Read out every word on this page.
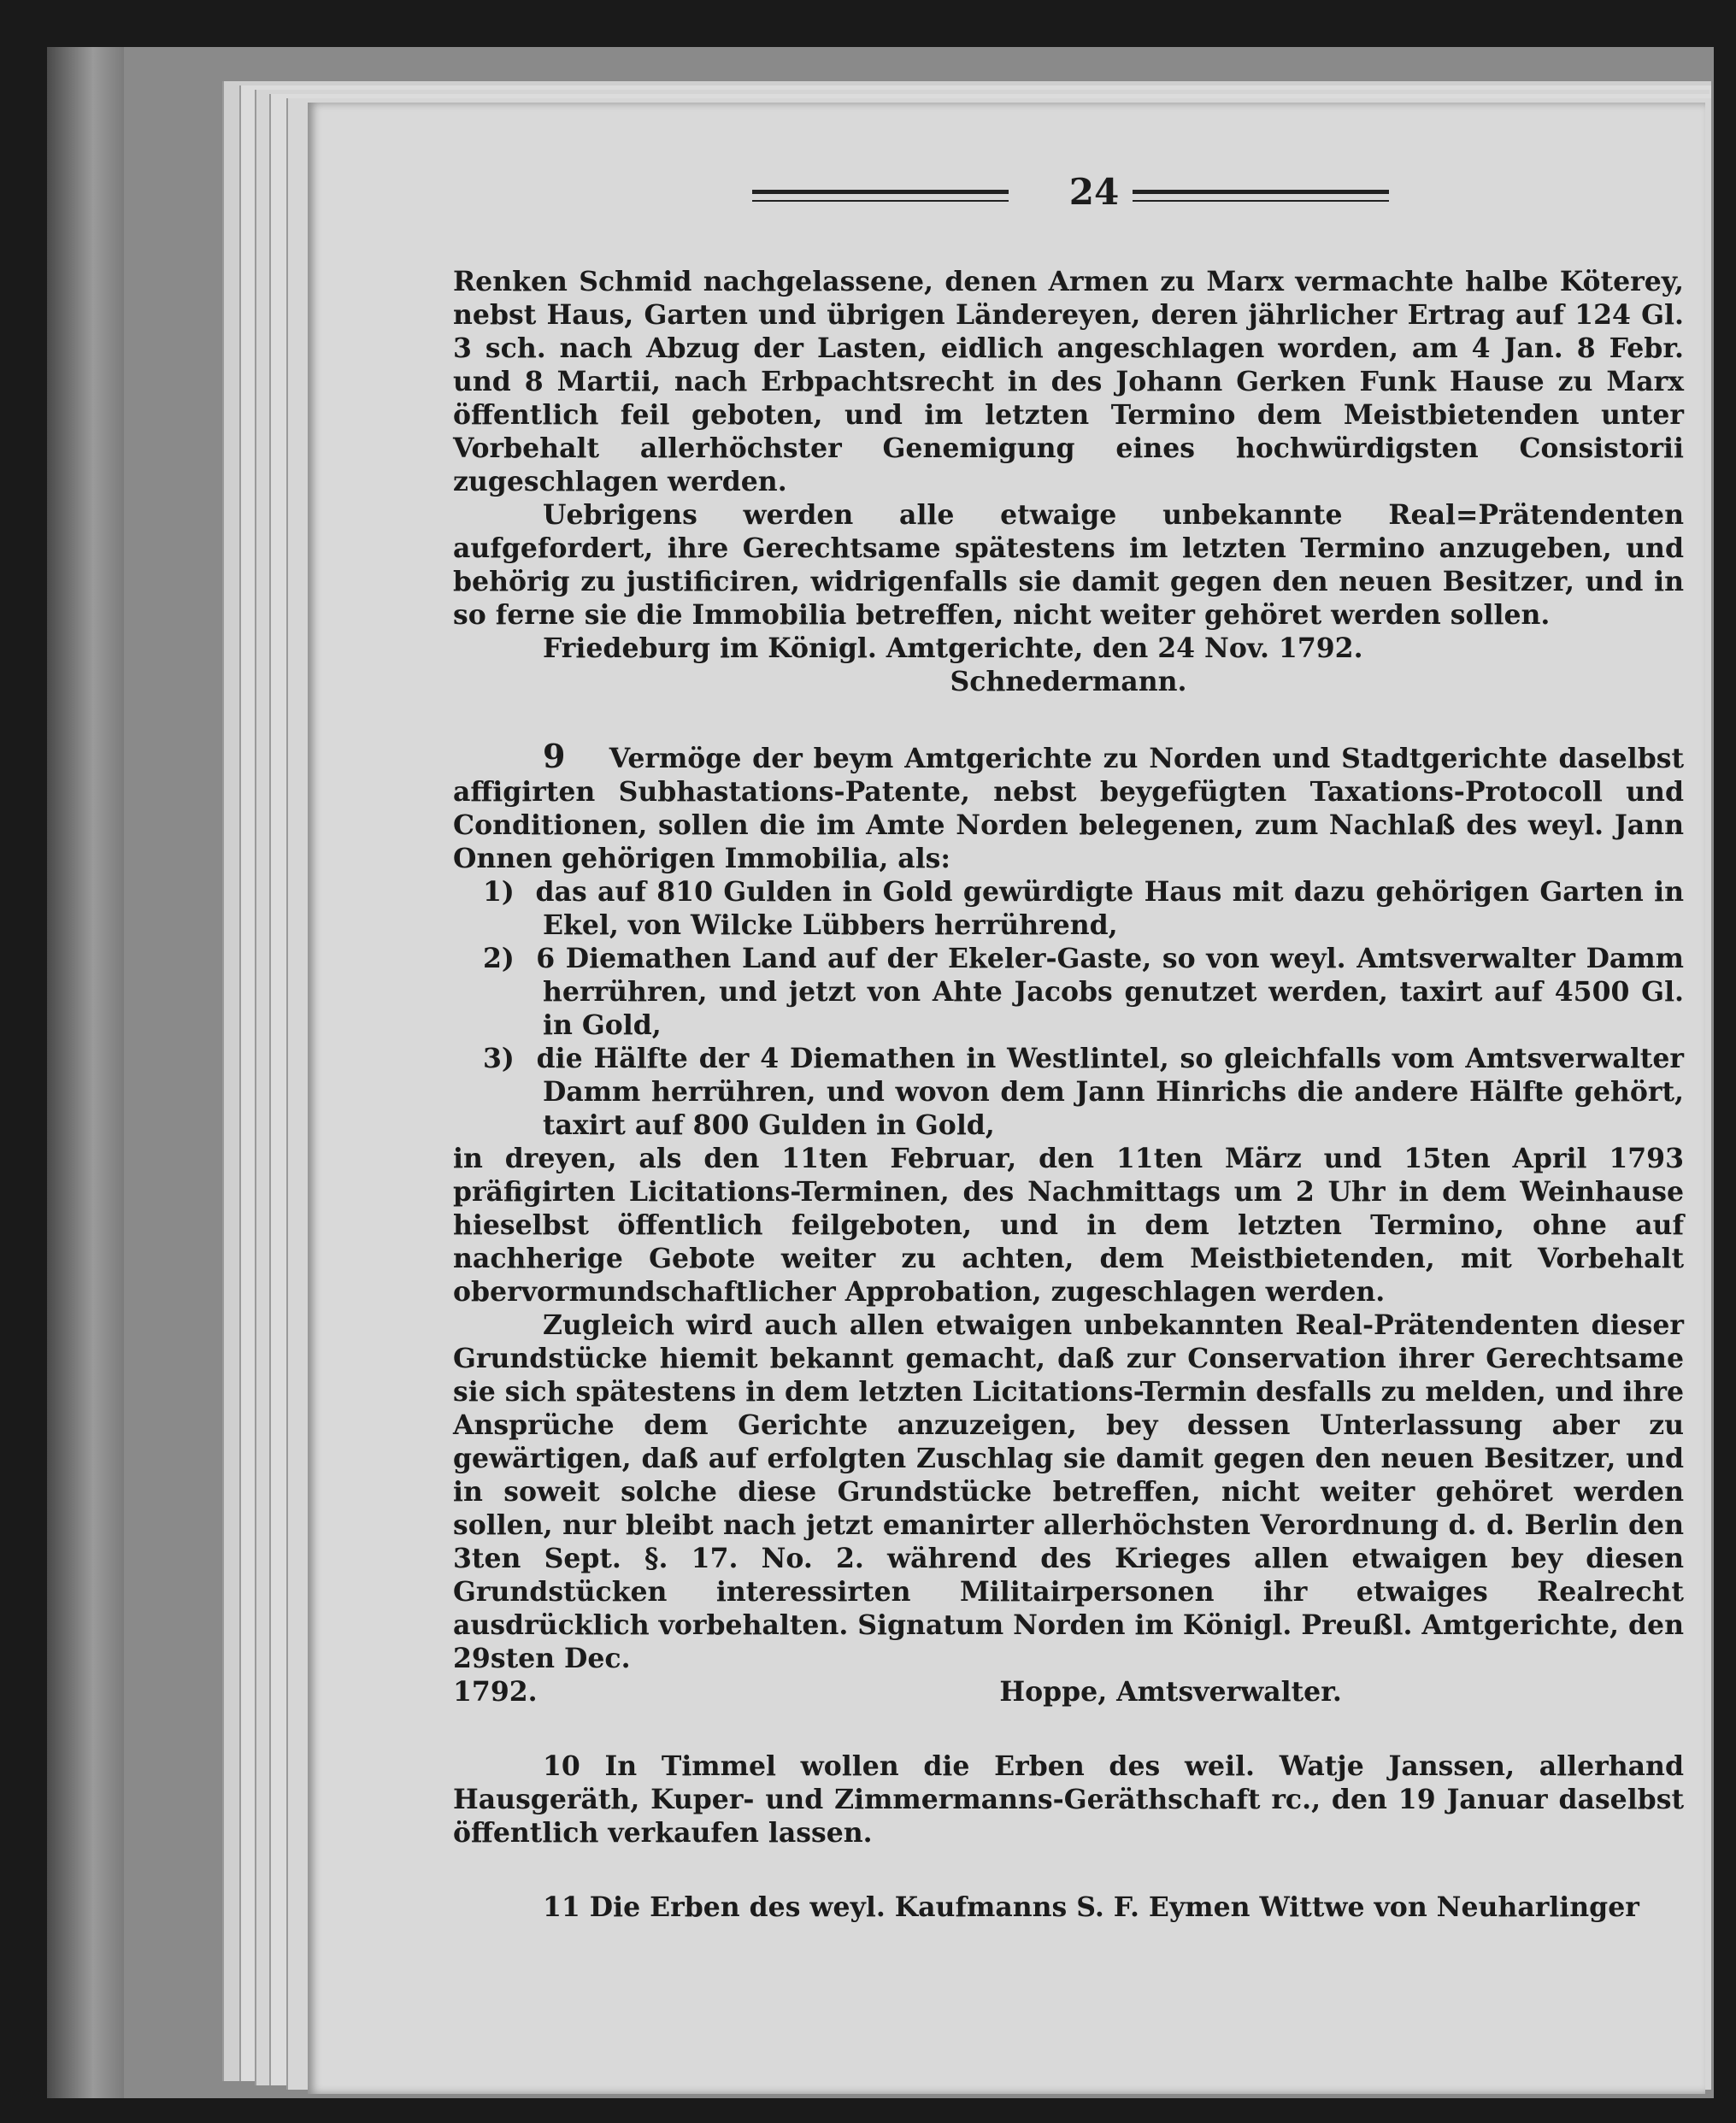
24

Renken Schmid nachgelassene, denen Armen zu Marx vermachte halbe Köterey, nebst Haus, Garten und übrigen Ländereyen, deren jährlicher Ertrag auf 124 Gl. 3 sch. nach Abzug der Lasten, eidlich angeschlagen worden, am 4 Jan. 8 Febr. und 8 Martii, nach Erbpachtsrecht in des Johann Gerken Funk Hause zu Marx öffentlich feil geboten, und im letzten Termino dem Meistbietenden unter Vorbehalt allerhöchster Genemigung eines hochwürdigsten Consistorii zugeschlagen werden.

Uebrigens werden alle etwaige unbekannte Real=Prätendenten aufgefordert, ihre Gerechtsame spätestens im letzten Termino anzugeben, und behörig zu justificiren, widrigenfalls sie damit gegen den neuen Besitzer, und in so ferne sie die Immobilia betreffen, nicht weiter gehöret werden sollen.

Friedeburg im Königl. Amtgerichte, den 24 Nov. 1792.

Schnedermann.

9 Vermöge der beym Amtgerichte zu Norden und Stadtgerichte daselbst affigirten Subhastations-Patente, nebst beygefügten Taxations-Protocoll und Conditionen, sollen die im Amte Norden belegenen, zum Nachlaß des weyl. Jann Onnen gehörigen Immobilia, als:

1) das auf 810 Gulden in Gold gewürdigte Haus mit dazu gehörigen Garten in Ekel, von Wilcke Lübbers herrührend,

2) 6 Diemathen Land auf der Ekeler-Gaste, so von weyl. Amtsverwalter Damm herrühren, und jetzt von Ahte Jacobs genutzet werden, taxirt auf 4500 Gl. in Gold,

3) die Hälfte der 4 Diemathen in Westlintel, so gleichfalls vom Amtsverwalter Damm herrühren, und wovon dem Jann Hinrichs die andere Hälfte gehört, taxirt auf 800 Gulden in Gold,

in dreyen, als den 11ten Februar, den 11ten März und 15ten April 1793 präfigirten Licitations-Terminen, des Nachmittags um 2 Uhr in dem Weinhause hieselbst öffentlich feilgeboten, und in dem letzten Termino, ohne auf nachherige Gebote weiter zu achten, dem Meistbietenden, mit Vorbehalt obervormundschaftlicher Approbation, zugeschlagen werden.

Zugleich wird auch allen etwaigen unbekannten Real-Prätendenten dieser Grundstücke hiemit bekannt gemacht, daß zur Conservation ihrer Gerechtsame sie sich spätestens in dem letzten Licitations-Termin desfalls zu melden, und ihre Ansprüche dem Gerichte anzuzeigen, bey dessen Unterlassung aber zu gewärtigen, daß auf erfolgten Zuschlag sie damit gegen den neuen Besitzer, und in soweit solche diese Grundstücke betreffen, nicht weiter gehöret werden sollen, nur bleibt nach jetzt emanirter allerhöchsten Verordnung d. d. Berlin den 3ten Sept. §. 17. No. 2. während des Krieges allen etwaigen bey diesen Grundstücken interessirten Militairpersonen ihr etwaiges Realrecht ausdrücklich vorbehalten. Signatum Norden im Königl. Preußl. Amtgerichte, den 29sten Dec.

1792.	Hoppe, Amtsverwalter.

10 In Timmel wollen die Erben des weil. Watje Janssen, allerhand Hausgeräth, Kuper- und Zimmermanns-Geräthschaft rc., den 19 Januar daselbst öffentlich verkaufen lassen.

11 Die Erben des weyl. Kaufmanns S. F. Eymen Wittwe von Neuharlinger
